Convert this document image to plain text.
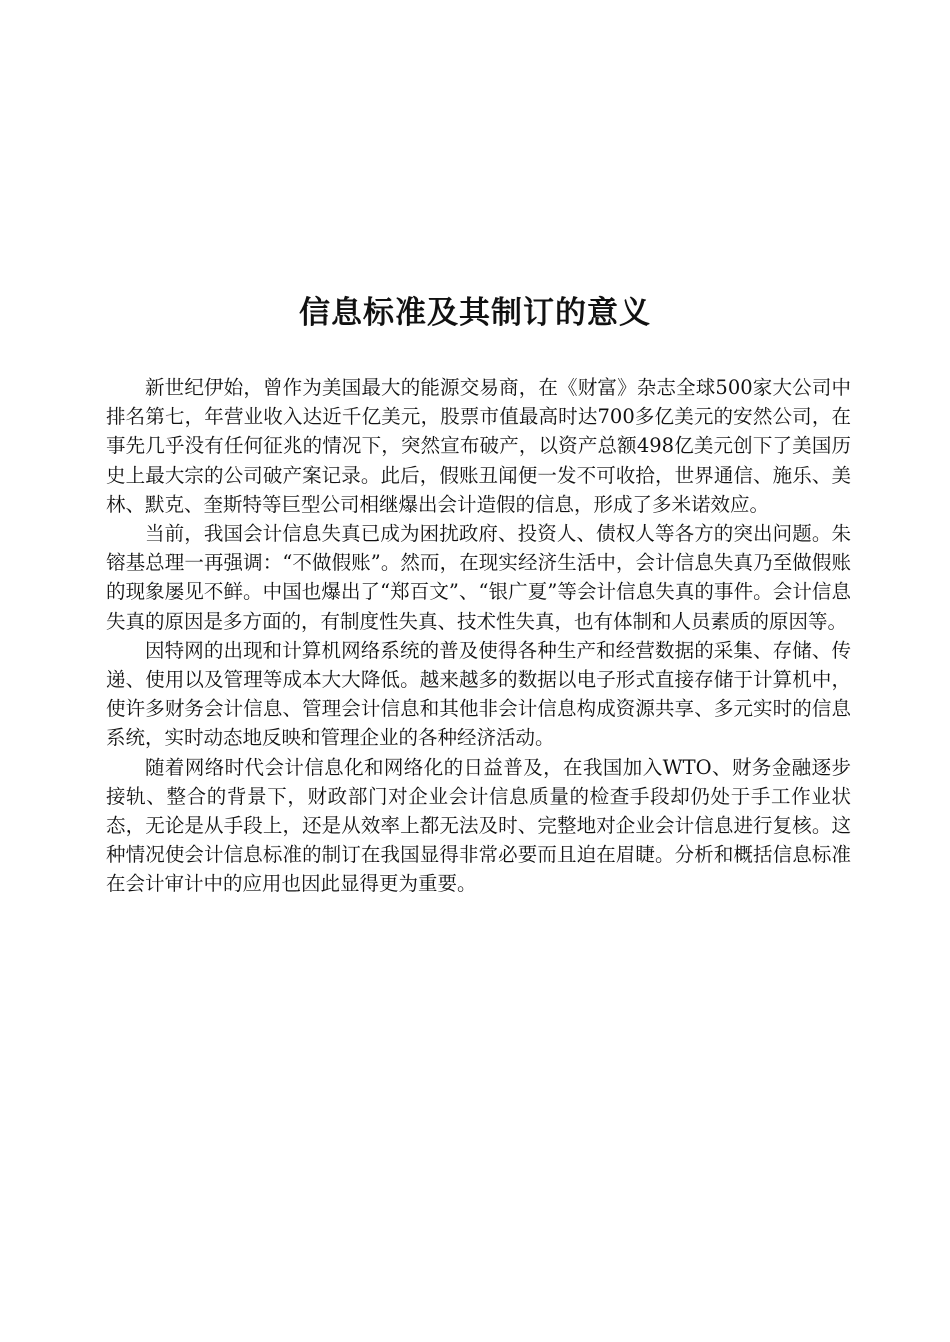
信息标准及其制订的意义

新世纪伊始，曾作为美国最大的能源交易商，在《财富》杂志全球500家大公司中排名第七，年营业收入达近千亿美元，股票市值最高时达700多亿美元的安然公司，在事先几乎没有任何征兆的情况下，突然宣布破产，以资产总额498亿美元创下了美国历史上最大宗的公司破产案记录。此后，假账丑闻便一发不可收拾，世界通信、施乐、美林、默克、奎斯特等巨型公司相继爆出会计造假的信息，形成了多米诺效应。

当前，我国会计信息失真已成为困扰政府、投资人、债权人等各方的突出问题。朱镕基总理一再强调：“不做假账”。然而，在现实经济生活中，会计信息失真乃至做假账的现象屡见不鲜。中国也爆出了“郑百文”、“银广夏”等会计信息失真的事件。会计信息失真的原因是多方面的，有制度性失真、技术性失真，也有体制和人员素质的原因等。

因特网的出现和计算机网络系统的普及使得各种生产和经营数据的采集、存储、传递、使用以及管理等成本大大降低。越来越多的数据以电子形式直接存储于计算机中，使许多财务会计信息、管理会计信息和其他非会计信息构成资源共享、多元实时的信息系统，实时动态地反映和管理企业的各种经济活动。

随着网络时代会计信息化和网络化的日益普及，在我国加入WTO、财务金融逐步接轨、整合的背景下，财政部门对企业会计信息质量的检查手段却仍处于手工作业状态，无论是从手段上，还是从效率上都无法及时、完整地对企业会计信息进行复核。这种情况使会计信息标准的制订在我国显得非常必要而且迫在眉睫。分析和概括信息标准在会计审计中的应用也因此显得更为重要。
